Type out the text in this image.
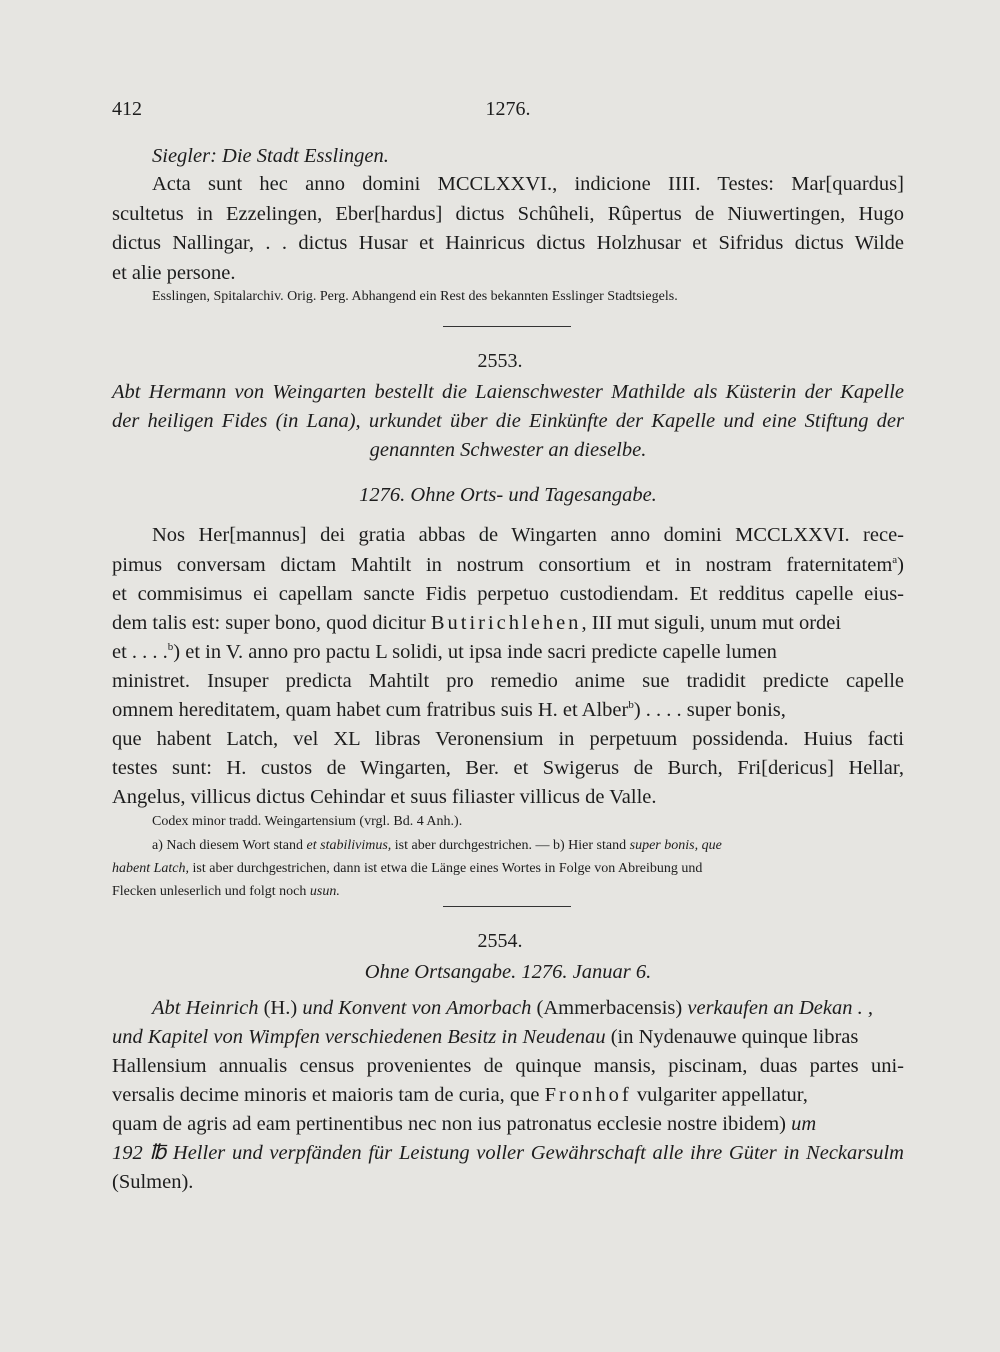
412	1276.
Siegler: Die Stadt Esslingen.
Acta sunt hec anno domini MCCLXXVI., indicione IIII. Testes: Mar[quardus]
scultetus in Ezzelingen, Eber[hardus] dictus Schûheli, Rûpertus de Niuwertingen, Hugo
dictus Nallingar, . . dictus Husar et Hainricus dictus Holzhusar et Sifridus dictus Wilde
et alie persone.
Esslingen, Spitalarchiv. Orig. Perg. Abhangend ein Rest des bekannten Esslinger Stadtsiegels.
2553.
Abt Hermann von Weingarten bestellt die Laienschwester Mathilde als Küsterin der Kapelle
der heiligen Fides (in Lana), urkundet über die Einkünfte der Kapelle und eine Stiftung der
genannten Schwester an dieselbe.
1276. Ohne Orts- und Tagesangabe.
Nos Her[mannus] dei gratia abbas de Wingarten anno domini MCCLXXVI. rece-
pimus conversam dictam Mahtilt in nostrum consortium et in nostram fraternitatem $^a$)
et commisimus ei capellam sancte Fidis perpetuo custodiendam. Et redditus capelle eius-
dem talis est: super bono, quod dicitur Butirichlehen, III mut siguli, unum mut ordei
et . . . .$^b$) et in V. anno pro pactu L solidi, ut ipsa inde sacri predicte capelle lumen
ministret. Insuper predicta Mahtilt pro remedio anime sue tradidit predicte capelle
omnem hereditatem, quam habet cum fratribus suis H. et Alber$^b$) . . . . super bonis,
que habent Latch, vel XL libras Veronensium in perpetuum possidenda. Huius facti
testes sunt: H. custos de Wingarten, Ber. et Swigerus de Burch, Fri[dericus] Hellar,
Angelus, villicus dictus Cehindar et suus filiaster villicus de Valle.
Codex minor tradd. Weingartensium (vrgl. Bd. 4 Anh.).
a) Nach diesem Wort stand et stabilivimus, ist aber durchgestrichen. — b) Hier stand super bonis, que
habent Latch, ist aber durchgestrichen, dann ist etwa die Länge eines Wortes in Folge von Abreibung und
Flecken unleserlich und folgt noch usun.
2554.
Ohne Ortsangabe. 1276. Januar 6.
Abt Heinrich (H.) und Konvent von Amorbach (Ammerbacensis) verkaufen an Dekan . ,
und Kapitel von Wimpfen verschiedenen Besitz in Neudenau (in Nydenauwe quinque libras
Hallensium annualis census provenientes de quinque mansis, piscinam, duas partes uni-
versalis decime minoris et maioris tam de curia, que Fronhof vulgariter appellatur,
quam de agris ad eam pertinentibus nec non ius patronatus ecclesie nostre ibidem) um
192 ℔ Heller und verpfänden für Leistung voller Gewährschaft alle ihre Güter in Neckarsulm
(Sulmen).
